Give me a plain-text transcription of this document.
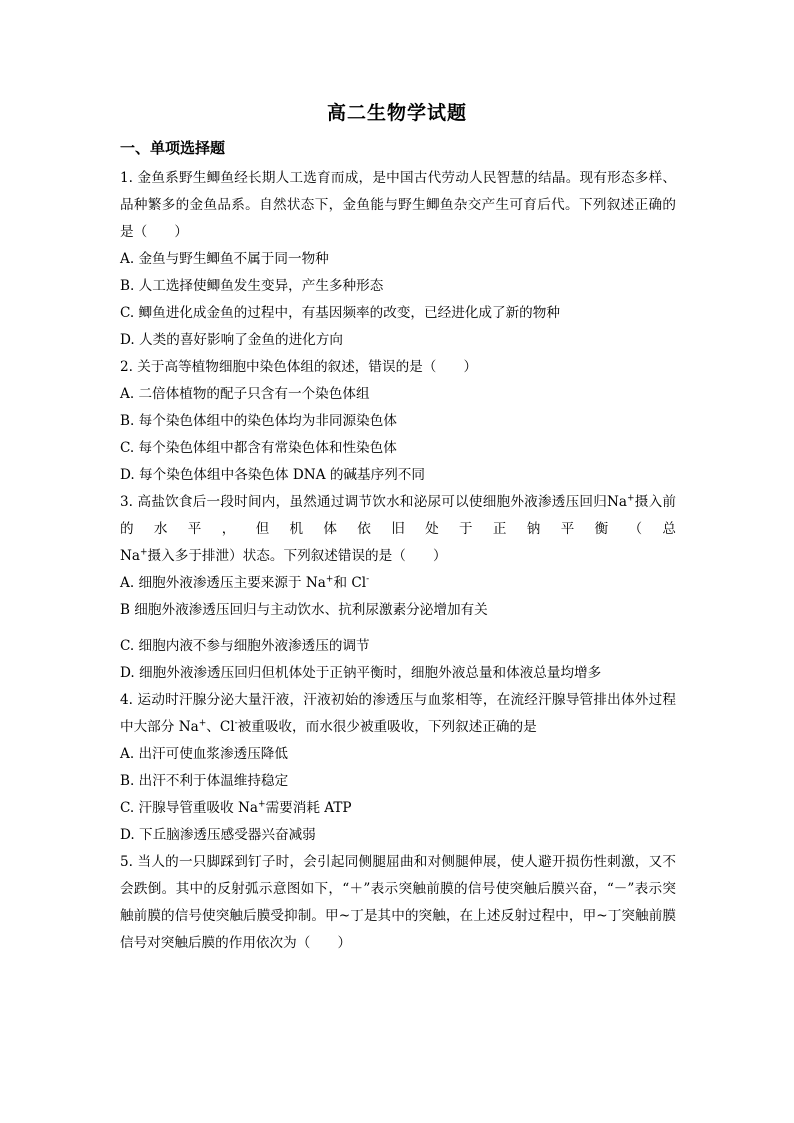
高二生物学试题
一、单项选择题

1. 金鱼系野生鲫鱼经长期人工选育而成，是中国古代劳动人民智慧的结晶。现有形态多样、品种繁多的金鱼品系。自然状态下，金鱼能与野生鲫鱼杂交产生可育后代。下列叙述正确的是（　　）

A. 金鱼与野生鲫鱼不属于同一物种

B. 人工选择使鲫鱼发生变异，产生多种形态

C. 鲫鱼进化成金鱼的过程中，有基因频率的改变，已经进化成了新的物种

D. 人类的喜好影响了金鱼的进化方向

2. 关于高等植物细胞中染色体组的叙述，错误的是（　　）

A. 二倍体植物的配子只含有一个染色体组

B. 每个染色体组中的染色体均为非同源染色体

C. 每个染色体组中都含有常染色体和性染色体

D. 每个染色体组中各染色体 DNA 的碱基序列不同

3. 高盐饮食后一段时间内，虽然通过调节饮水和泌尿可以使细胞外液渗透压回归Na+摄入前的水平，但机体依旧处于正钠平衡（总 Na+摄入多于排泄）状态。下列叙述错误的是（　　）

A. 细胞外液渗透压主要来源于 Na+和 Cl-

B 细胞外液渗透压回归与主动饮水、抗利尿激素分泌增加有关

C. 细胞内液不参与细胞外液渗透压的调节

D. 细胞外液渗透压回归但机体处于正钠平衡时，细胞外液总量和体液总量均增多

4. 运动时汗腺分泌大量汗液，汗液初始的渗透压与血浆相等，在流经汗腺导管排出体外过程中大部分 Na+、Cl-被重吸收，而水很少被重吸收，下列叙述正确的是

A. 出汗可使血浆渗透压降低

B. 出汗不利于体温维持稳定

C. 汗腺导管重吸收 Na+需要消耗 ATP

D. 下丘脑渗透压感受器兴奋减弱

5. 当人的一只脚踩到钉子时，会引起同侧腿屈曲和对侧腿伸展，使人避开损伤性刺激，又不会跌倒。其中的反射弧示意图如下，“＋”表示突触前膜的信号使突触后膜兴奋，“－”表示突触前膜的信号使突触后膜受抑制。甲~丁是其中的突触，在上述反射过程中，甲~丁突触前膜信号对突触后膜的作用依次为（　　）
